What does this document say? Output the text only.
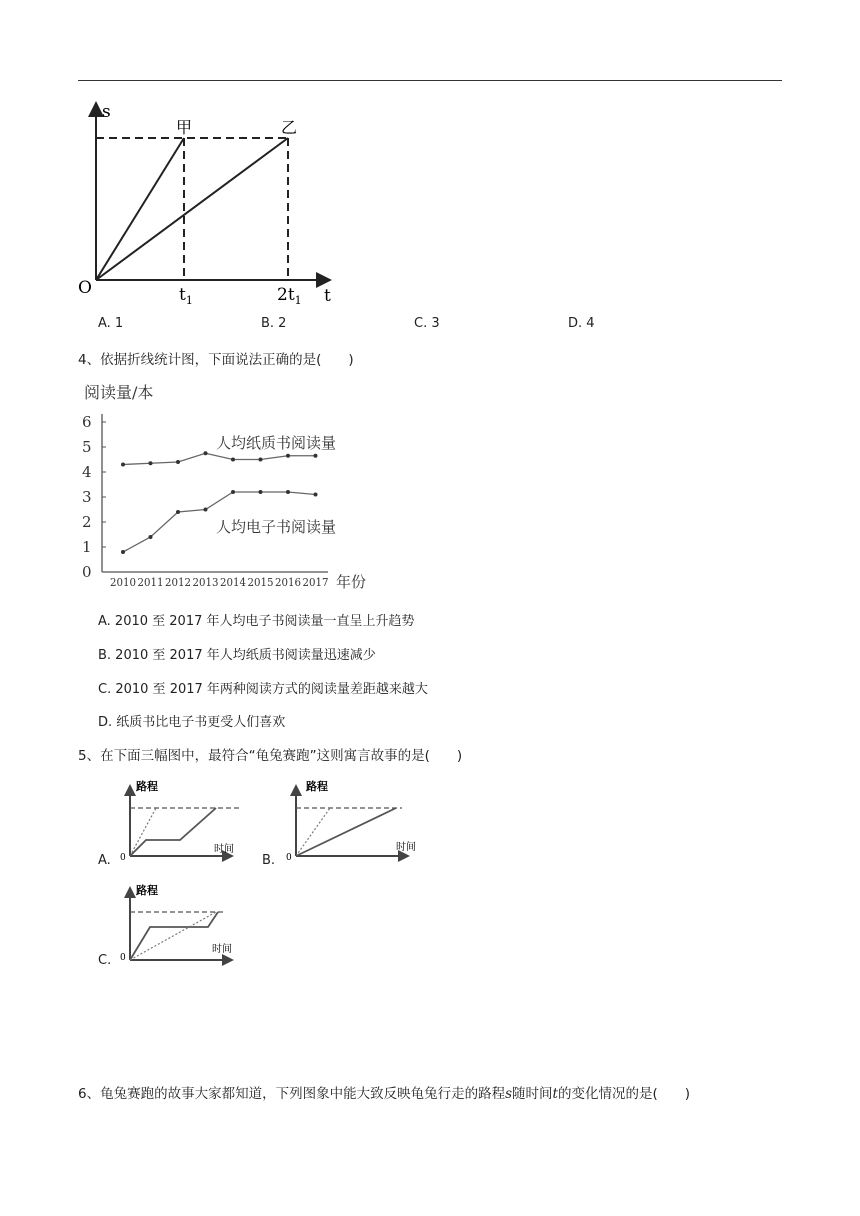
s
t
O
甲	乙
$t_1$	$2t_1$
A. 1	B. 2	C. 3	D. 4
4、依据折线统计图，下面说法正确的是(　　)
阅读量/本
年份
0
1
2
3
4
5
6
2010 2011 2012 2013 2014 2015 2016 2017
人均纸质书阅读量
人均电子书阅读量
A. 2010 至 2017 年人均电子书阅读量一直呈上升趋势
B. 2010 至 2017 年人均纸质书阅读量迅速减少
C. 2010 至 2017 年两种阅读方式的阅读量差距越来越大
D. 纸质书比电子书更受人们喜欢
5、在下面三幅图中，最符合“龟兔赛跑”这则寓言故事的是(　　)
路程
时间
0
A.
路程
时间
0
B.
路程
时间
0
C.
6、龟兔赛跑的故事大家都知道，下列图象中能大致反映龟兔行走的路程s随时间t的变化情况的是(　　)
